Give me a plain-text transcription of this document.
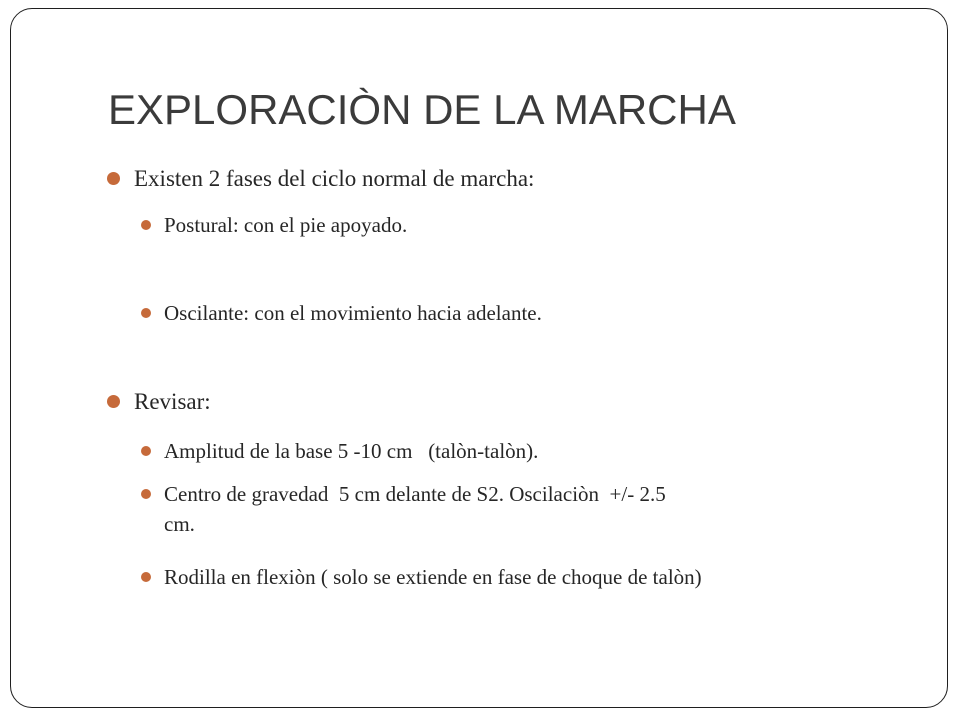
EXPLORACIÒN DE LA MARCHA
Existen 2 fases del ciclo normal de marcha:
Postural: con el pie apoyado.
Oscilante: con el movimiento hacia adelante.
Revisar:
Amplitud de la base 5 -10 cm   (talòn-talòn).
Centro de gravedad  5 cm delante de S2. Oscilaciòn  +/- 2.5
cm.
Rodilla en flexiòn ( solo se extiende en fase de choque de talòn)
